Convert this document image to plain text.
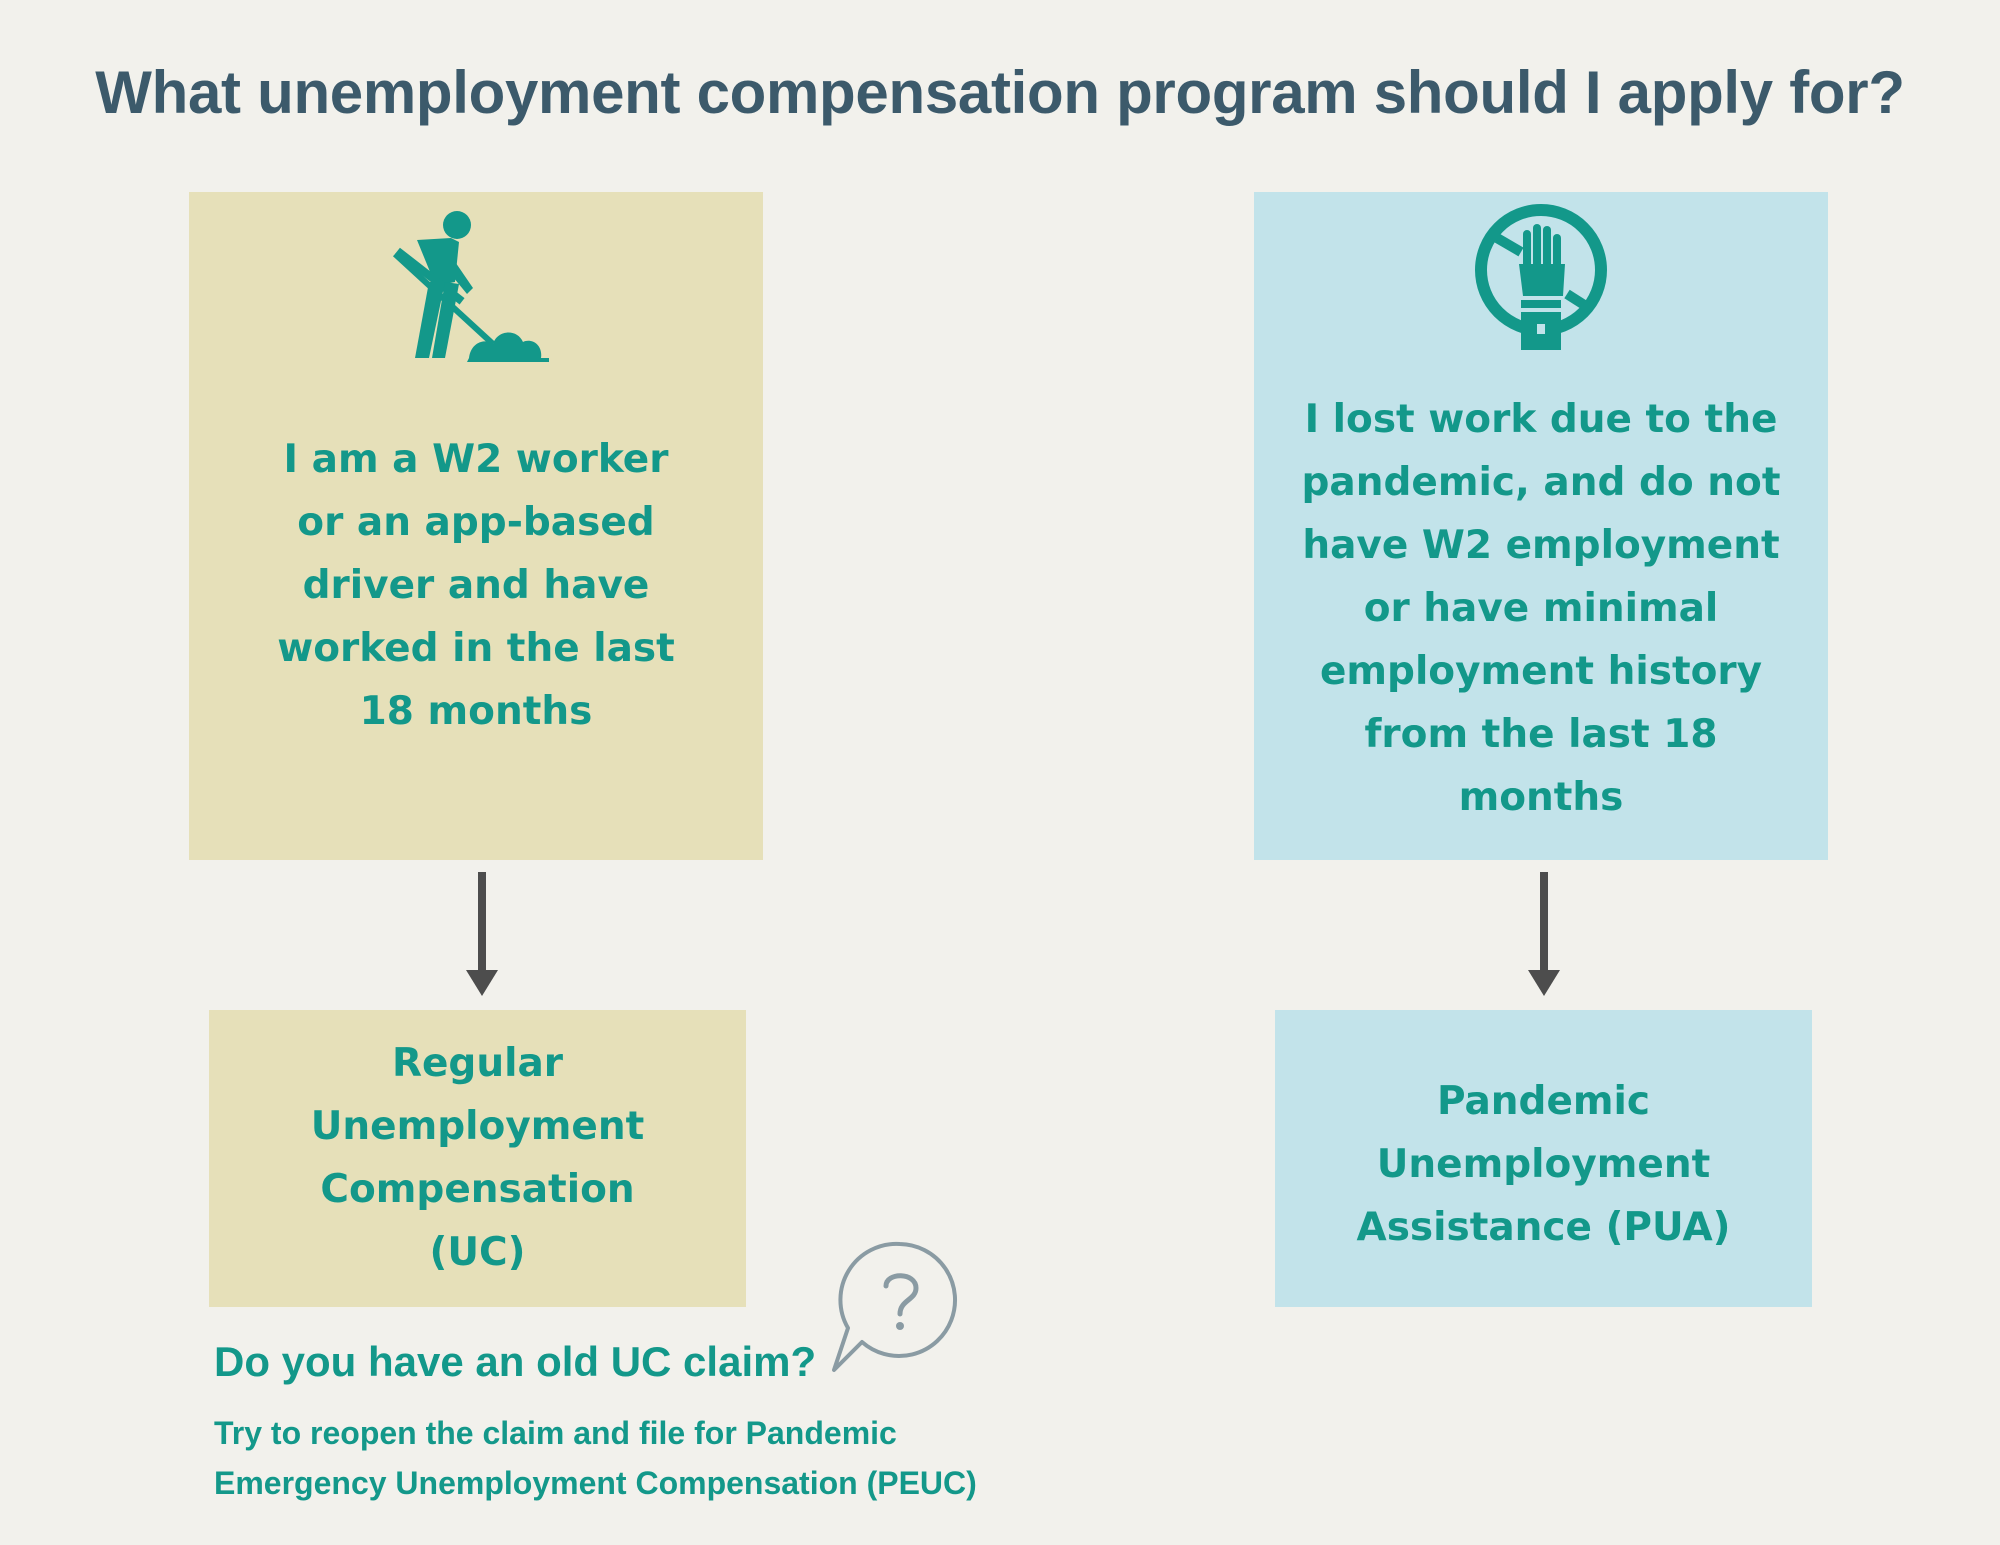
What unemployment compensation program should I apply for?

I am a W2 worker
or an app-based
driver and have
worked in the last
18 months

I lost work due to the
pandemic, and do not
have W2 employment
or have minimal
employment history
from the last 18
months

Regular
Unemployment
Compensation
(UC)

Pandemic
Unemployment
Assistance (PUA)

Do you have an old UC claim?

Try to reopen the claim and file for Pandemic
Emergency Unemployment Compensation (PEUC)
